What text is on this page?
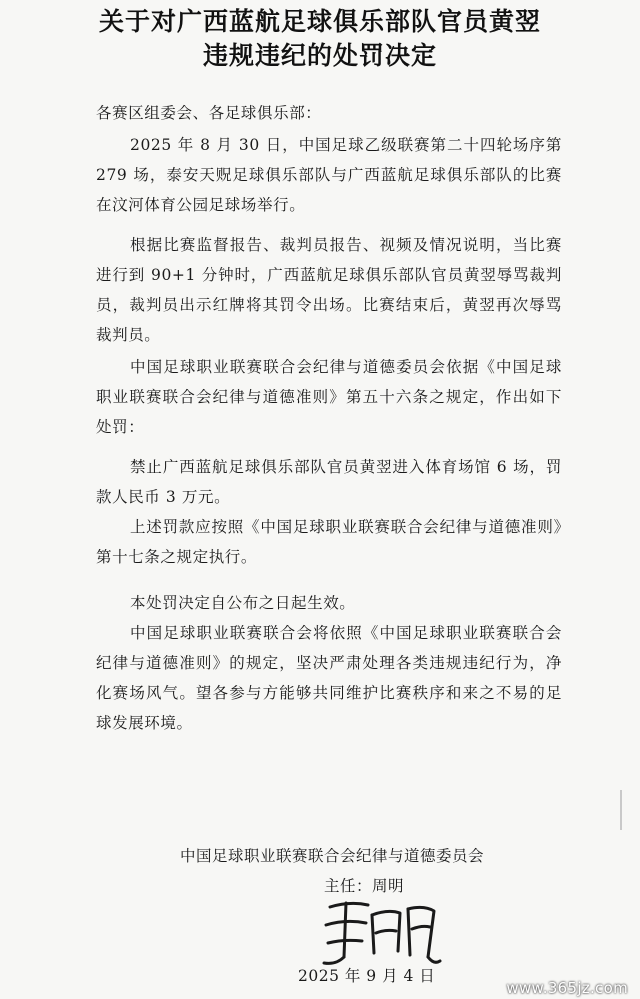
关于对广西蓝航足球俱乐部队官员黄翌
违规违纪的处罚决定
各赛区组委会、各足球俱乐部：
2025 年 8 月 30 日，中国足球乙级联赛第二十四轮场序第 279 场，泰安天贶足球俱乐部队与广西蓝航足球俱乐部队的比赛在汶河体育公园足球场举行。
根据比赛监督报告、裁判员报告、视频及情况说明，当比赛进行到 90+1 分钟时，广西蓝航足球俱乐部队官员黄翌辱骂裁判员，裁判员出示红牌将其罚令出场。比赛结束后，黄翌再次辱骂裁判员。
中国足球职业联赛联合会纪律与道德委员会依据《中国足球职业联赛联合会纪律与道德准则》第五十六条之规定，作出如下处罚：
禁止广西蓝航足球俱乐部队官员黄翌进入体育场馆 6 场，罚款人民币 3 万元。
上述罚款应按照《中国足球职业联赛联合会纪律与道德准则》第十七条之规定执行。
本处罚决定自公布之日起生效。
中国足球职业联赛联合会将依照《中国足球职业联赛联合会纪律与道德准则》的规定，坚决严肃处理各类违规违纪行为，净化赛场风气。望各参与方能够共同维护比赛秩序和来之不易的足球发展环境。
中国足球职业联赛联合会纪律与道德委员会
主任：周明
2025 年 9 月 4 日
www.365jz.com
